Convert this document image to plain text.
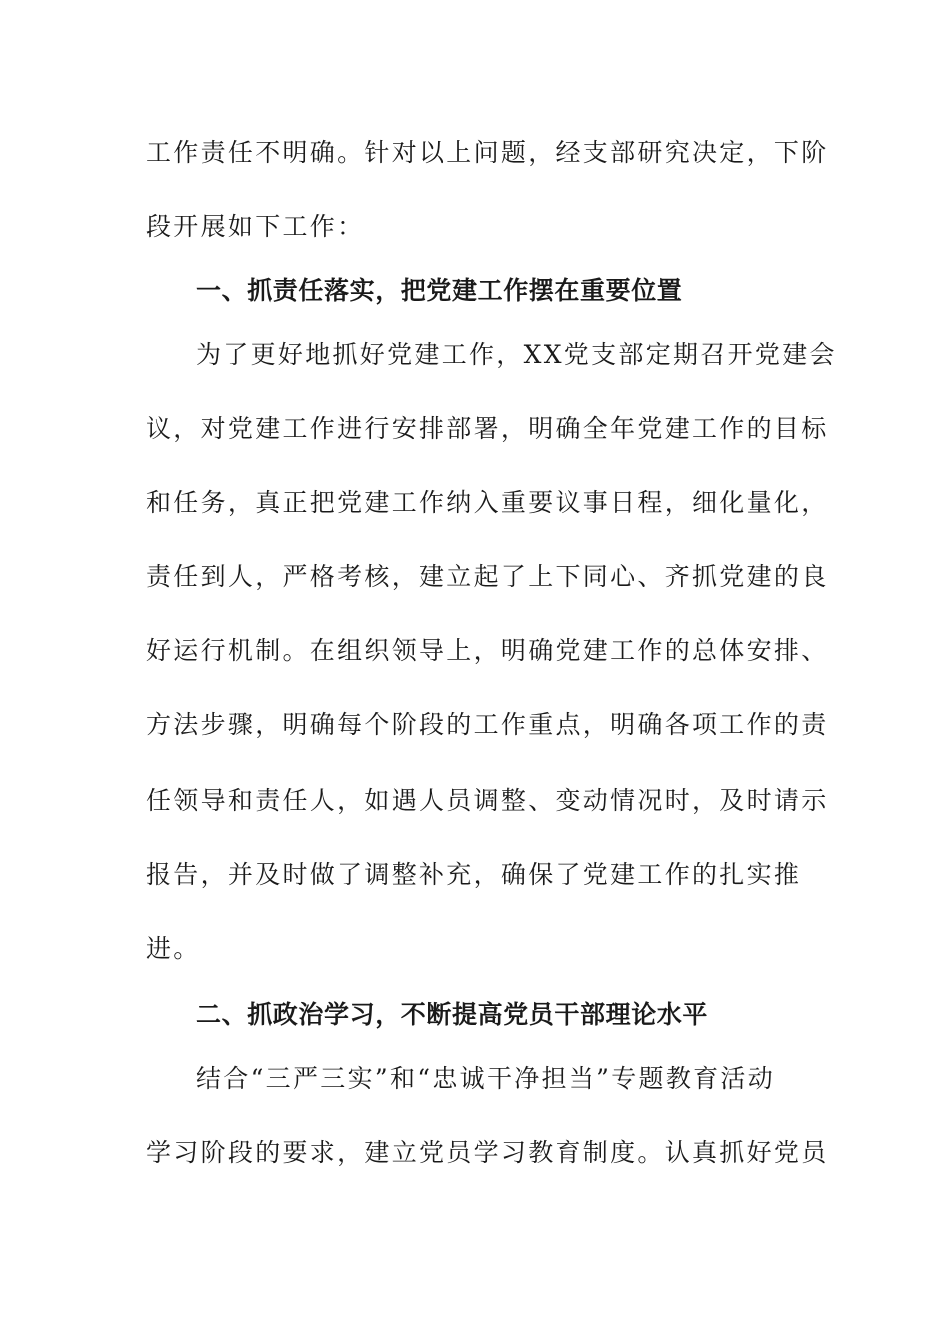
工作责任不明确。针对以上问题，经支部研究决定，下阶
段开展如下工作：
一、抓责任落实，把党建工作摆在重要位置
为了更好地抓好党建工作，XX党支部定期召开党建会
议，对党建工作进行安排部署，明确全年党建工作的目标
和任务，真正把党建工作纳入重要议事日程，细化量化，
责任到人，严格考核，建立起了上下同心、齐抓党建的良
好运行机制。在组织领导上，明确党建工作的总体安排、
方法步骤，明确每个阶段的工作重点，明确各项工作的责
任领导和责任人，如遇人员调整、变动情况时，及时请示
报告，并及时做了调整补充，确保了党建工作的扎实推
进。
二、抓政治学习，不断提高党员干部理论水平
结合“三严三实”和“忠诚干净担当”专题教育活动
学习阶段的要求，建立党员学习教育制度。认真抓好党员
